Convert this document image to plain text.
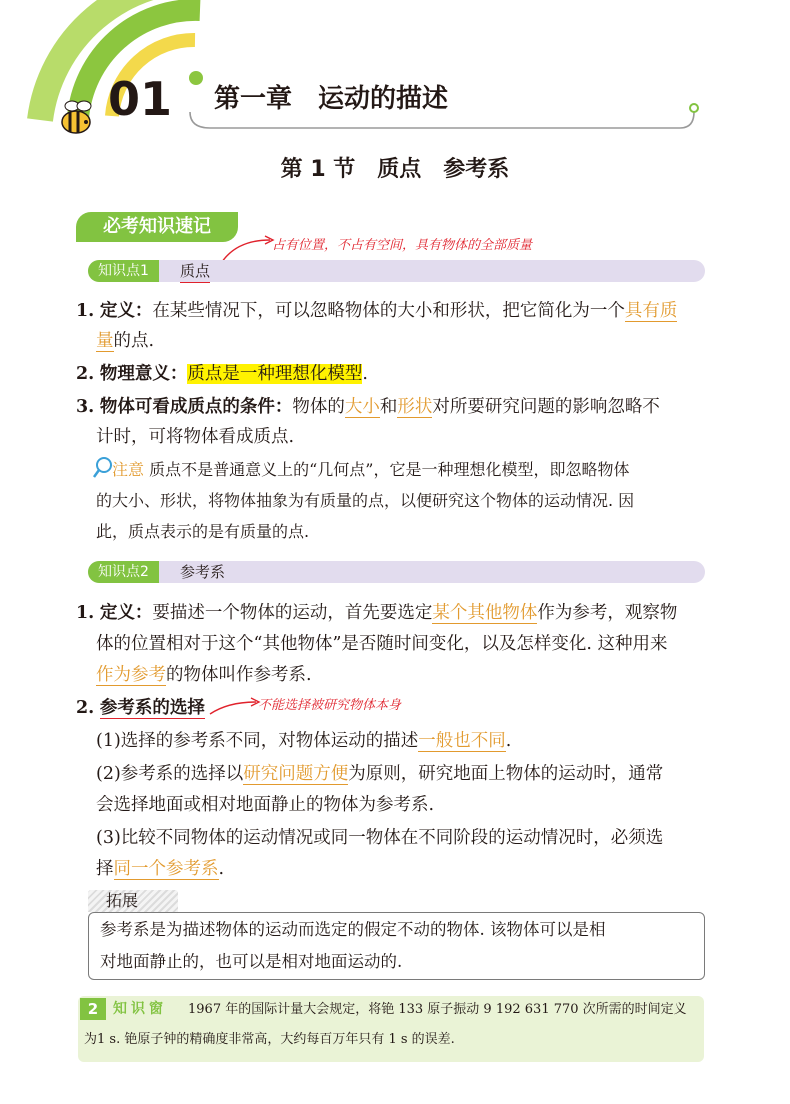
01 第一章　运动的描述
第 1 节　质点　参考系
必考知识速记
占有位置，不占有空间，具有物体的全部质量
知识点1	质点
1. 定义：在某些情况下，可以忽略物体的大小和形状，把它简化为一个具有质
量的点.
2. 物理意义：质点是一种理想化模型.
3. 物体可看成质点的条件：物体的大小和形状对所要研究问题的影响忽略不
计时，可将物体看成质点.
注意 质点不是普通意义上的“几何点”，它是一种理想化模型，即忽略物体
的大小、形状，将物体抽象为有质量的点，以便研究这个物体的运动情况. 因
此，质点表示的是有质量的点.
知识点2	参考系
1. 定义：要描述一个物体的运动，首先要选定某个其他物体作为参考，观察物
体的位置相对于这个“其他物体”是否随时间变化，以及怎样变化. 这种用来
作为参考的物体叫作参考系.
2. 参考系的选择	不能选择被研究物体本身
(1)选择的参考系不同，对物体运动的描述一般也不同.
(2)参考系的选择以研究问题方便为原则，研究地面上物体的运动时，通常
会选择地面或相对地面静止的物体为参考系.
(3)比较不同物体的运动情况或同一物体在不同阶段的运动情况时，必须选
择同一个参考系.
拓展
参考系是为描述物体的运动而选定的假定不动的物体. 该物体可以是相
对地面静止的，也可以是相对地面运动的.
2	知识窗 1967 年的国际计量大会规定，将铯 133 原子振动 9 192 631 770 次所需的时间定义
为1 s. 铯原子钟的精确度非常高，大约每百万年只有 1 s 的误差.
